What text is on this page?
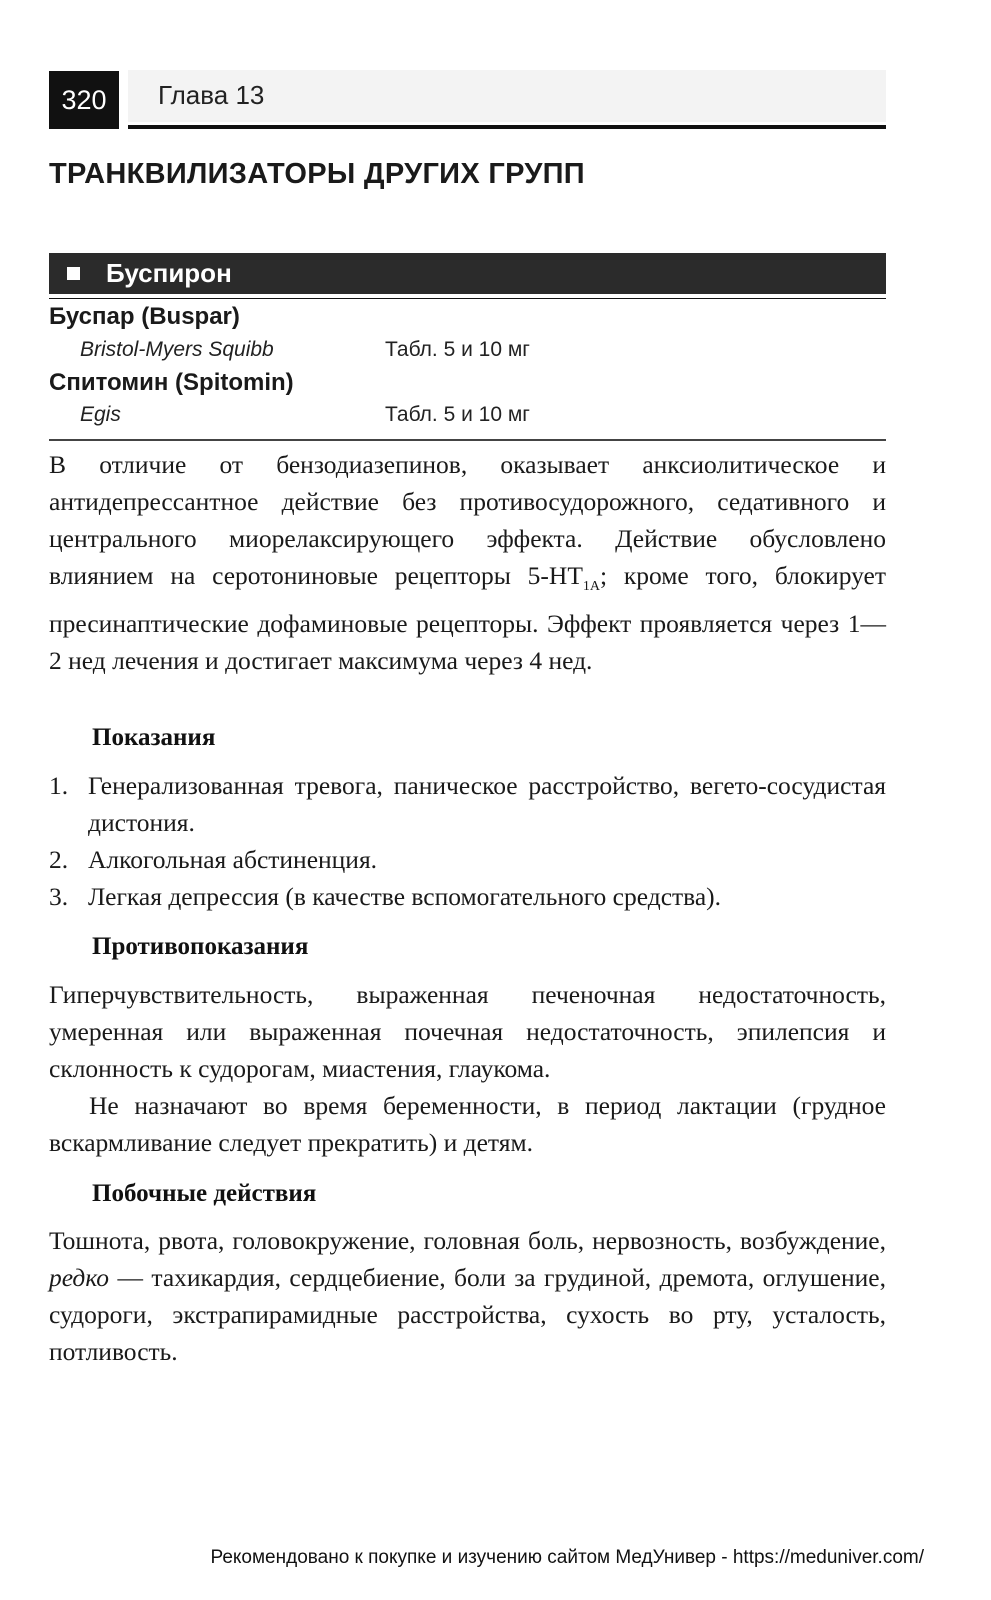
320	Глава 13
ТРАНКВИЛИЗАТОРЫ ДРУГИХ ГРУПП
Буспирон
Буспар (Buspar)
Bristol-Myers Squibb	Табл. 5 и 10 мг
Спитомин (Spitomin)
Egis	Табл. 5 и 10 мг

В отличие от бензодиазепинов, оказывает анксиолитическое и антидепрессантное действие без противосудорожного, седативного и центрального миорелаксирующего эффекта. Действие обусловлено влиянием на серотониновые рецепторы $5-HT_{1A}$; кроме того, блокирует пресинаптические дофаминовые рецепторы. Эффект проявляется через 1—2 нед лечения и достигает максимума через 4 нед.

Показания
1. Генерализованная тревога, паническое расстройство, вегето-сосудистая дистония.
2. Алкогольная абстиненция.
3. Легкая депрессия (в качестве вспомогательного средства).
Противопоказания

Гиперчувствительность, выраженная печеночная недостаточность, умеренная или выраженная почечная недостаточность, эпилепсия и склонность к судорогам, миастения, глаукома.

Не назначают во время беременности, в период лактации (грудное вскармливание следует прекратить) и детям.

Побочные действия

Тошнота, рвота, головокружение, головная боль, нервозность, возбуждение, редко — тахикардия, сердцебиение, боли за грудиной, дремота, оглушение, судороги, экстрапирамидные расстройства, сухость во рту, усталость, потливость.

Рекомендовано к покупке и изучению сайтом МедУнивер - https://meduniver.com/
